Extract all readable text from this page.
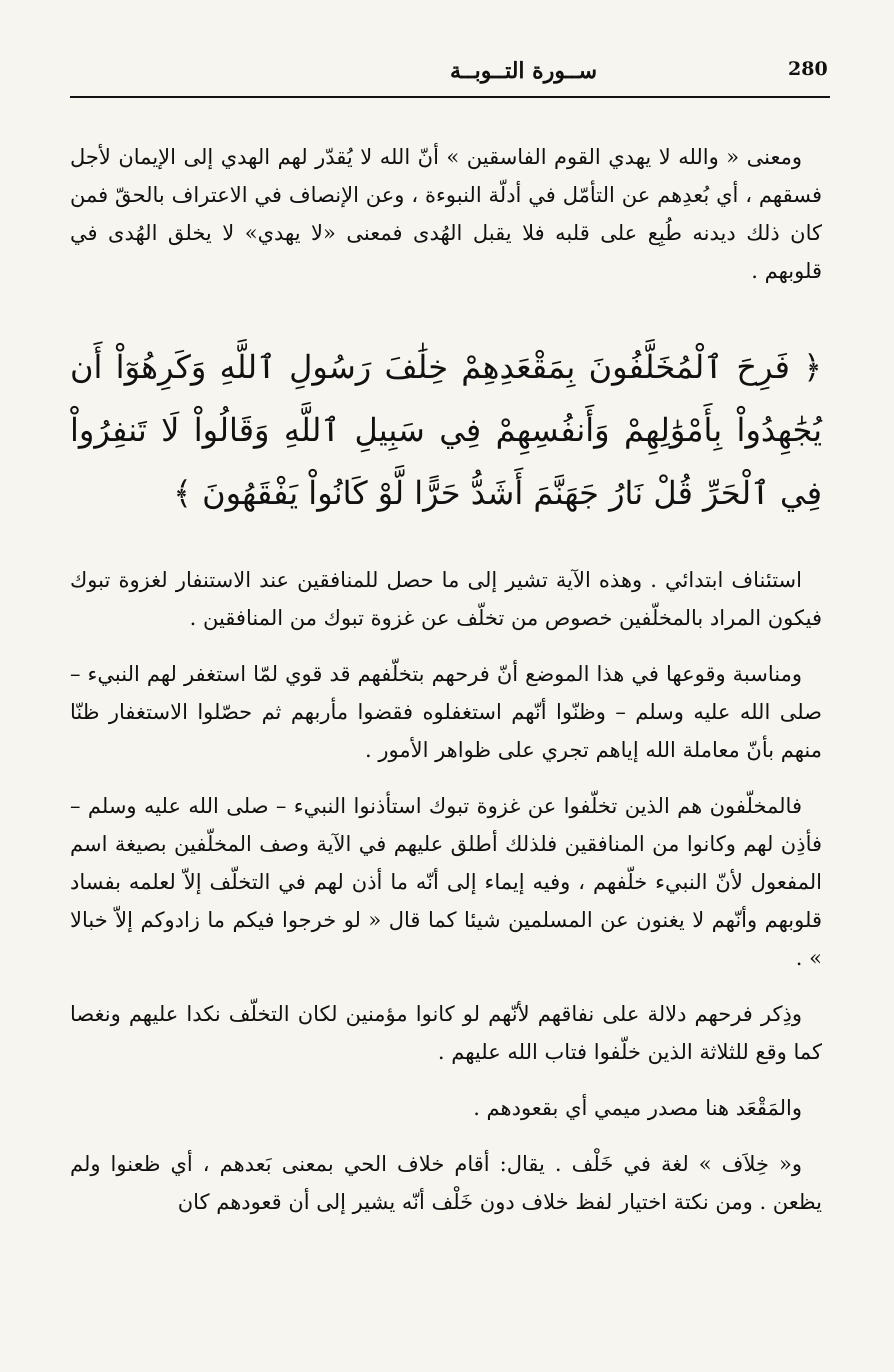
280
ســورة التــوبــة

ومعنى « والله لا يهدي القوم الفاسقين » أنّ الله لا يُقدّر لهم الهدي إلى الإيمان لأجل فسقهم ، أي بُعدِهم عن التأمّل في أدلّة النبوءة ، وعن الإنصاف في الاعتراف بالحقّ فمن كان ذلك ديدنه طُبِع على قلبه فلا يقبل الهُدى فمعنى «لا يهدي» لا يخلق الهُدى في قلوبهم .

﴿ فَرِحَ ٱلْمُخَلَّفُونَ بِمَقْعَدِهِمْ خِلَٰفَ رَسُولِ ٱللَّهِ وَكَرِهُوٓاْ أَن يُجَٰهِدُواْ بِأَمْوَٰلِهِمْ وَأَنفُسِهِمْ فِي سَبِيلِ ٱللَّهِ وَقَالُواْ لَا تَنفِرُواْ فِي ٱلْحَرِّ قُلْ نَارُ جَهَنَّمَ أَشَدُّ حَرًّا لَّوْ كَانُواْ يَفْقَهُونَ ﴾

استئناف ابتدائي . وهذه الآية تشير إلى ما حصل للمنافقين عند الاستنفار لغزوة تبوك فيكون المراد بالمخلّفين خصوص من تخلّف عن غزوة تبوك من المنافقين .

ومناسبة وقوعها في هذا الموضع أنّ فرحهم بتخلّفهم قد قوي لمّا استغفر لهم النبيء – صلى الله عليه وسلم – وظنّوا أنّهم استغفلوه فقضوا مأربهم ثم حصّلوا الاستغفار ظنّا منهم بأنّ معاملة الله إياهم تجري على ظواهر الأمور .

فالمخلّفون هم الذين تخلّفوا عن غزوة تبوك استأذنوا النبيء – صلى الله عليه وسلم – فأذِن لهم وكانوا من المنافقين فلذلك أطلق عليهم في الآية وصف المخلّفين بصيغة اسم المفعول لأنّ النبيء خلّفهم ، وفيه إيماء إلى أنّه ما أذن لهم في التخلّف إلاّ لعلمه بفساد قلوبهم وأنّهم لا يغنون عن المسلمين شيئا كما قال « لو خرجوا فيكم ما زادوكم إلاّ خبالا » .

وذِكر فرحهم دلالة على نفاقهم لأنّهم لو كانوا مؤمنين لكان التخلّف نكدا عليهم ونغصا كما وقع للثلاثة الذين خلّفوا فتاب الله عليهم .

والمَقْعَد هنا مصدر ميمي أي بقعودهم .

و« خِلاَف » لغة في خَلْف . يقال: أقام خلاف الحي بمعنى بَعدهم ، أي ظعنوا ولم يظعن . ومن نكتة اختيار لفظ خلاف دون خَلْف أنّه يشير إلى أن قعودهم كان
